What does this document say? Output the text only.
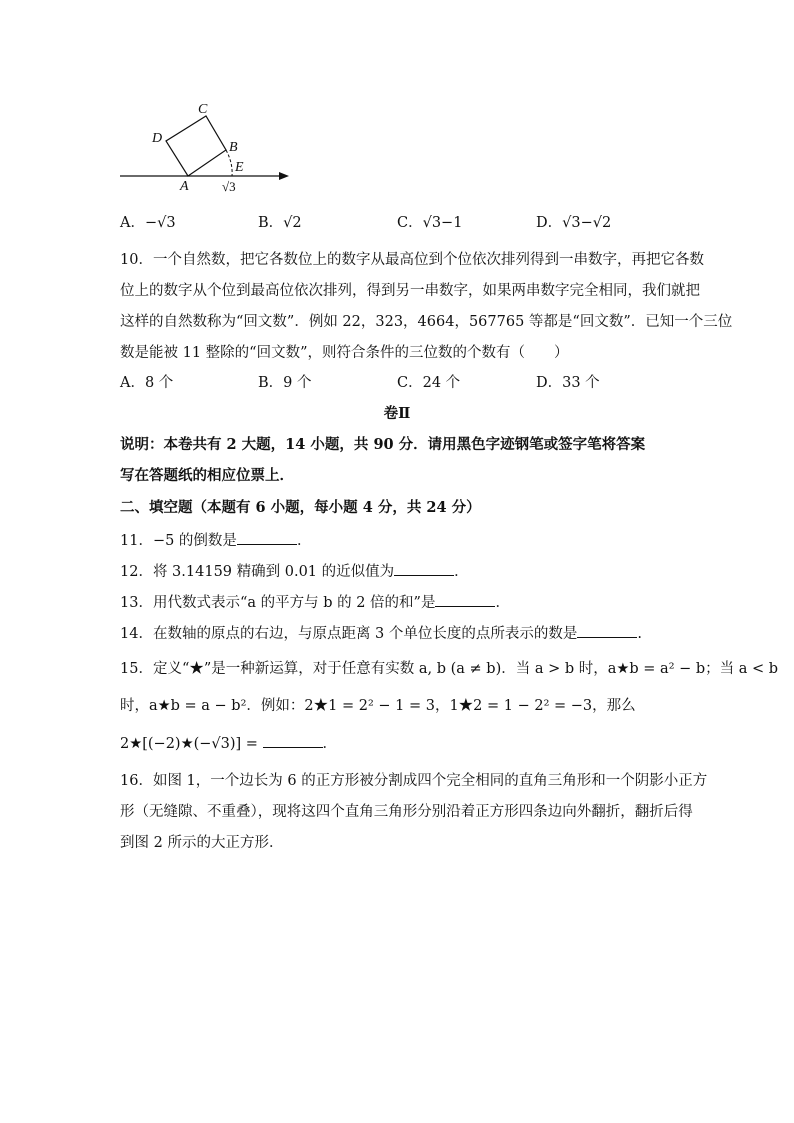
C
D
B
E
A	√3
A．−√3	B．√2	C．√3−1	D．√3−√2
10．一个自然数，把它各数位上的数字从最高位到个位依次排列得到一串数字，再把它各数
位上的数字从个位到最高位依次排列，得到另一串数字，如果两串数字完全相同，我们就把
这样的自然数称为“回文数”．例如 22，323，4664，567765 等都是“回文数”．已知一个三位
数是能被 11 整除的“回文数”，则符合条件的三位数的个数有（　　）
A．8 个	B．9 个	C．24 个	D．33 个
卷Ⅱ
说明：本卷共有 2 大题，14 小题，共 90 分．请用黑色字迹钢笔或签字笔将答案
写在答题纸的相应位票上．
二、填空题（本题有 6 小题，每小题 4 分，共 24 分）
11．−5 的倒数是	．
12．将 3.14159 精确到 0.01 的近似值为	．
13．用代数式表示“a 的平方与 b 的 2 倍的和”是	．
14．在数轴的原点的右边，与原点距离 3 个单位长度的点所表示的数是	.
15．定义“★”是一种新运算，对于任意有实数 a, b (a ≠ b)．当 a > b 时，a★b = a² − b；当 a < b
时，a★b = a − b²．例如：2★1 = 2² − 1 = 3，1★2 = 1 − 2² = −3，那么
2★[(−2)★(−√3)] =	．
16．如图 1，一个边长为 6 的正方形被分割成四个完全相同的直角三角形和一个阴影小正方
形（无缝隙、不重叠），现将这四个直角三角形分别沿着正方形四条边向外翻折，翻折后得
到图 2 所示的大正方形．
